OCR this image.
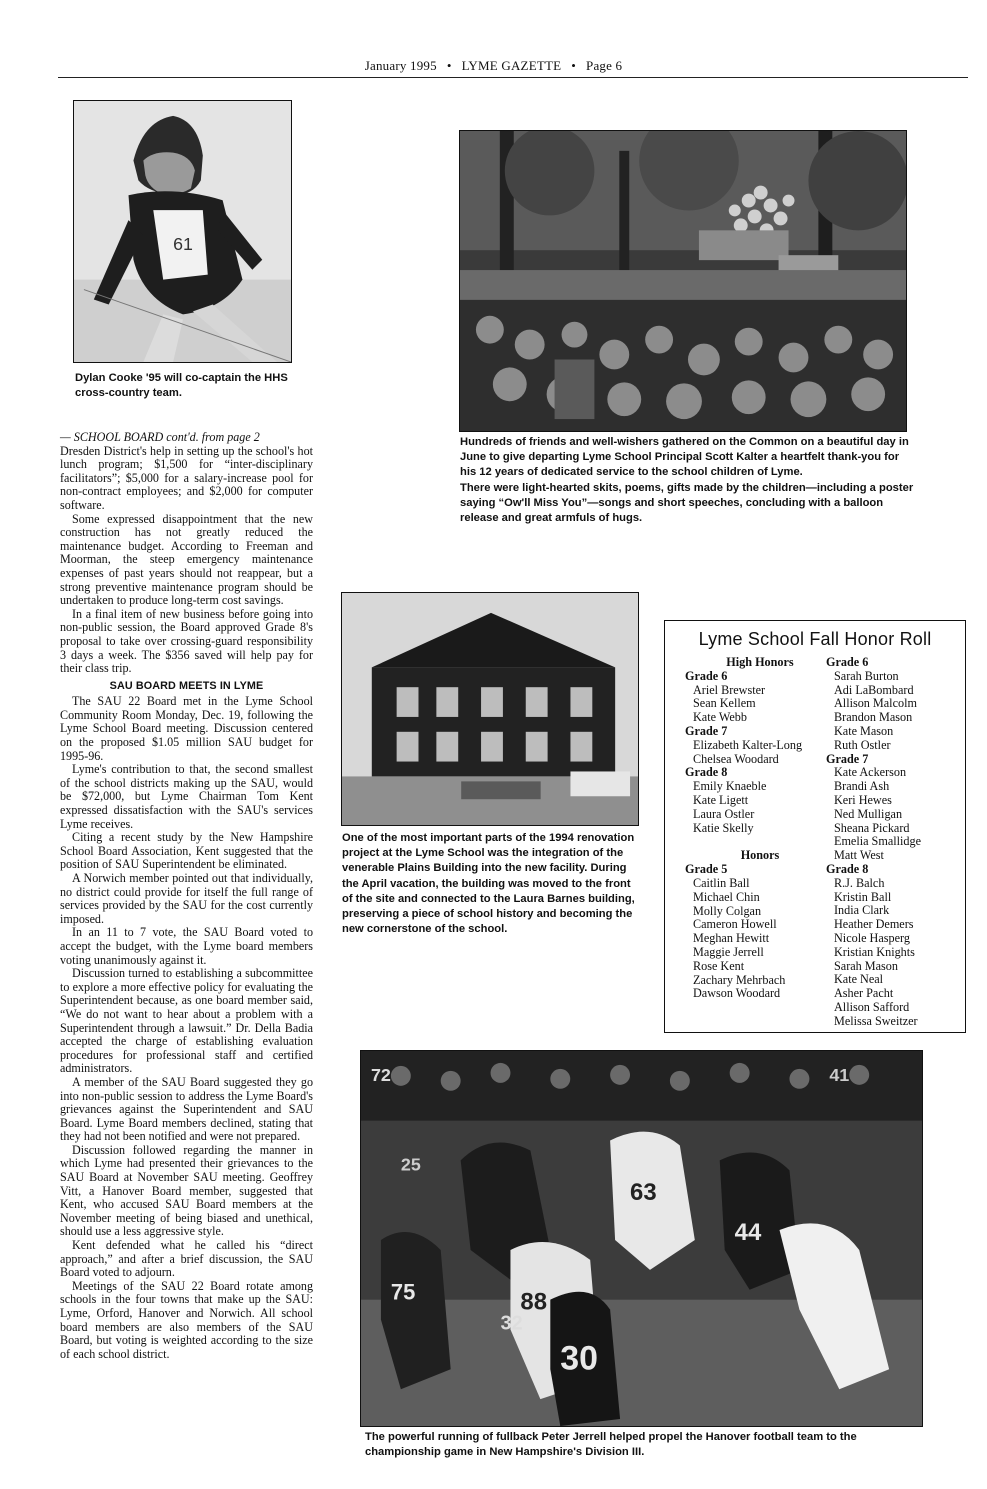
January 1995 • LYME GAZETTE • Page 6
61
Dylan Cooke '95 will co-captain the HHS cross-country team.
Hundreds of friends and well-wishers gathered on the Common on a beautiful day in June to give departing Lyme School Principal Scott Kalter a heartfelt thank-you for his 12 years of dedicated service to the school children of Lyme.
There were light-hearted skits, poems, gifts made by the children—including a poster saying “Ow'll Miss You”—songs and short speeches, concluding with a balloon release and great armfuls of hugs.
One of the most important parts of the 1994 renovation project at the Lyme School was the integration of the venerable Plains Building into the new facility. During the April vacation, the building was moved to the front of the site and connected to the Laura Barnes building, preserving a piece of school history and becoming the new cornerstone of the school.

— SCHOOL BOARD cont'd. from page 2
Dresden District's help in setting up the school's hot lunch program; $1,500 for “inter-disciplinary facilitators”; $5,000 for a salary-increase pool for non-contract employees; and $2,000 for computer software.

Some expressed disappointment that the new construction has not greatly reduced the maintenance budget. According to Freeman and Moorman, the steep emergency maintenance expenses of past years should not reappear, but a strong preventive maintenance program should be undertaken to produce long-term cost savings.

In a final item of new business before going into non-public session, the Board approved Grade 8's proposal to take over crossing-guard responsibility 3 days a week. The $356 saved will help pay for their class trip.

SAU BOARD MEETS IN LYME

The SAU 22 Board met in the Lyme School Community Room Monday, Dec. 19, following the Lyme School Board meeting. Discussion centered on the proposed $1.05 million SAU budget for 1995-96.

Lyme's contribution to that, the second smallest of the school districts making up the SAU, would be $72,000, but Lyme Chairman Tom Kent expressed dissatisfaction with the SAU's services Lyme receives.

Citing a recent study by the New Hampshire School Board Association, Kent suggested that the position of SAU Superintendent be eliminated.

A Norwich member pointed out that individually, no district could provide for itself the full range of services provided by the SAU for the cost currently imposed.

In an 11 to 7 vote, the SAU Board voted to accept the budget, with the Lyme board members voting unanimously against it.

Discussion turned to establishing a subcommittee to explore a more effective policy for evaluating the Superintendent because, as one board member said, “We do not want to hear about a problem with a Superintendent through a lawsuit.” Dr. Della Badia accepted the charge of establishing evaluation procedures for professional staff and certified administrators.

A member of the SAU Board suggested they go into non-public session to address the Lyme Board's grievances against the Superintendent and SAU Board. Lyme Board members declined, stating that they had not been notified and were not prepared.

Discussion followed regarding the manner in which Lyme had presented their grievances to the SAU Board at November SAU meeting. Geoffrey Vitt, a Hanover Board member, suggested that Kent, who accused SAU Board members at the November meeting of being biased and unethical, should use a less aggressive style.

Kent defended what he called his “direct approach,” and after a brief discussion, the SAU Board voted to adjourn.

Meetings of the SAU 22 Board rotate among schools in the four towns that make up the SAU: Lyme, Orford, Hanover and Norwich. All school board members are also members of the SAU Board, but voting is weighted according to the size of each school district.

Lyme School Fall Honor Roll
High Honors
Grade 6
Ariel Brewster
Sean Kellem
Kate Webb
Grade 7
Elizabeth Kalter-Long
Chelsea Woodard
Grade 8
Emily Knaeble
Kate Ligett
Laura Ostler
Katie Skelly
Honors
Grade 5
Caitlin Ball
Michael Chin
Molly Colgan
Cameron Howell
Meghan Hewitt
Maggie Jerrell
Rose Kent
Zachary Mehrbach
Dawson Woodard
Grade 6
Sarah Burton
Adi LaBombard
Allison Malcolm
Brandon Mason
Kate Mason
Ruth Ostler
Grade 7
Kate Ackerson
Brandi Ash
Keri Hewes
Ned Mulligan
Sheana Pickard
Emelia Smallidge
Matt West
Grade 8
R.J. Balch
Kristin Ball
India Clark
Heather Demers
Nicole Hasperg
Kristian Knights
Sarah Mason
Kate Neal
Asher Pacht
Allison Safford
Melissa Sweitzer
72
63
88
32
30
44
75
41
25
The powerful running of fullback Peter Jerrell helped propel the Hanover football team to the championship game in New Hampshire's Division III.
